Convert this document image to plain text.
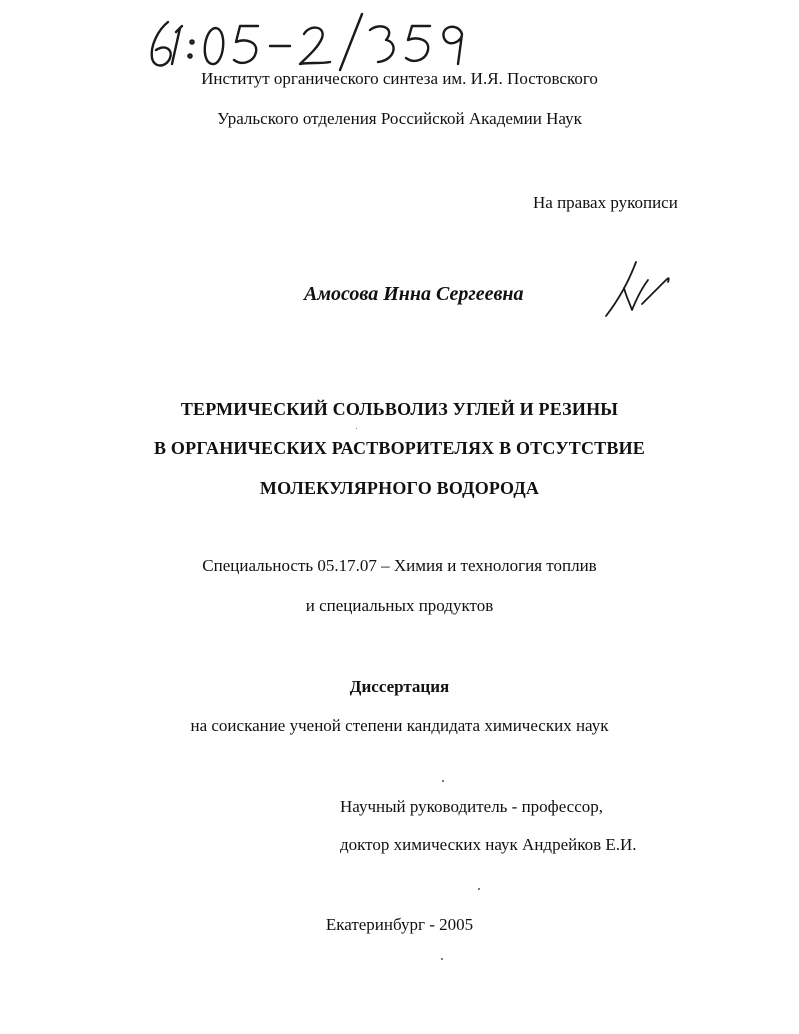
Институт органического синтеза им. И.Я. Постовского
Уральского отделения Российской Академии Наук
На правах рукописи
Амосова Инна Сергеевна
ТЕРМИЧЕСКИЙ СОЛЬВОЛИЗ УГЛЕЙ И РЕЗИНЫ
В ОРГАНИЧЕСКИХ РАСТВОРИТЕЛЯХ В ОТСУТСТВИЕ
МОЛЕКУЛЯРНОГО ВОДОРОДА
Специальность 05.17.07 – Химия и технология топлив
и специальных продуктов
Диссертация
на соискание ученой степени кандидата химических наук
Научный руководитель - профессор,
доктор химических наук Андрейков Е.И.
Екатеринбург - 2005
